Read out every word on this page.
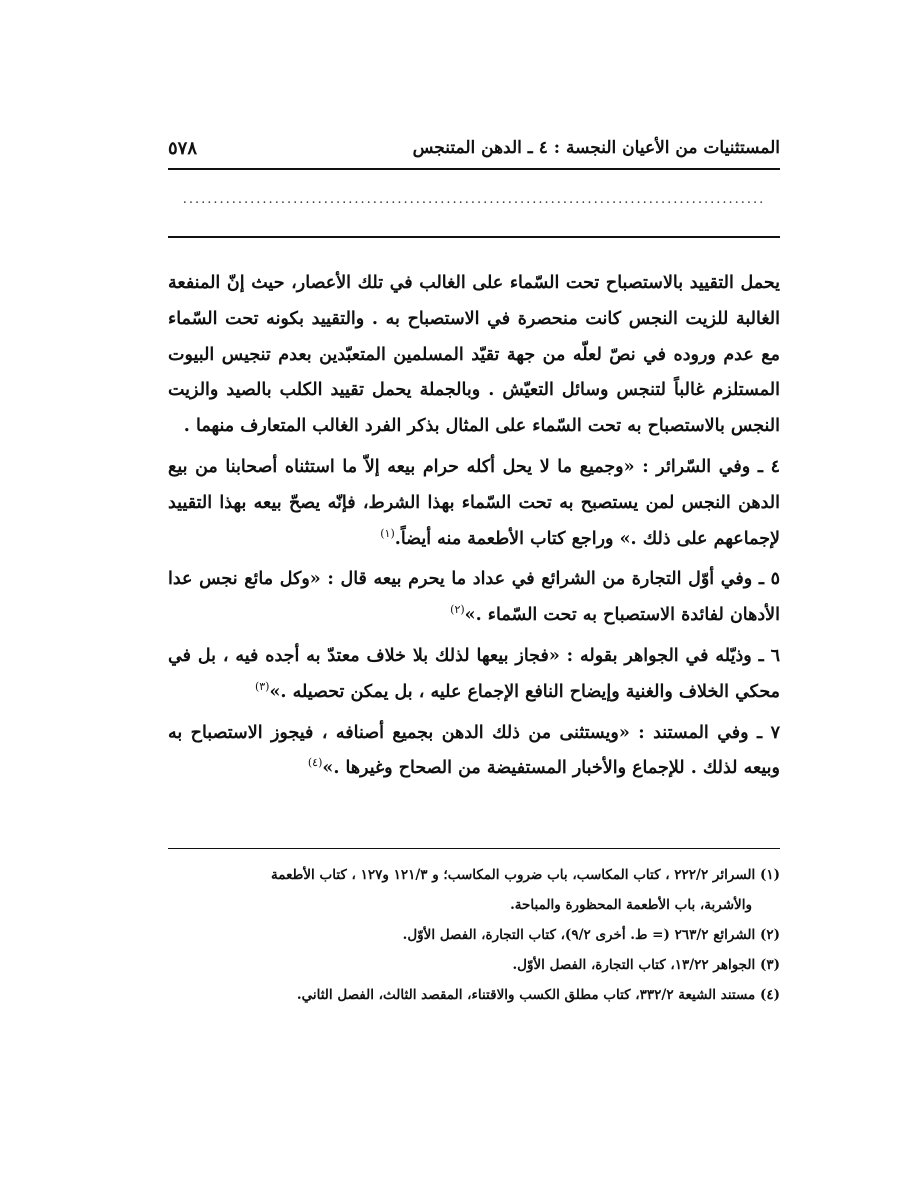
المستثنيات من الأعيان النجسة : ٤ ـ الدهن المتنجس
٥٧٨
...............................................................................................

يحمل التقييد بالاستصباح تحت السّماء على الغالب في تلك الأعصار، حيث إنّ المنفعة الغالبة للزيت النجس كانت منحصرة في الاستصباح به . والتقييد بكونه تحت السّماء مع عدم وروده في نصّ لعلّه من جهة تقيّد المسلمين المتعبّدين بعدم تنجيس البيوت المستلزم غالباً لتنجس وسائل التعيّش . وبالجملة يحمل تقييد الكلب بالصيد والزيت النجس بالاستصباح به تحت السّماء على المثال بذكر الفرد الغالب المتعارف منهما .

٤ ـ وفي السّرائر : «وجميع ما لا يحل أكله حرام بيعه إلاّ ما استثناه أصحابنا من بيع الدهن النجس لمن يستصبح به تحت السّماء بهذا الشرط، فإنّه يصحّ بيعه بهذا التقييد لإجماعهم على ذلك .» وراجع كتاب الأطعمة منه أيضاً.$^{(١)}$

٥ ـ وفي أوّل التجارة من الشرائع في عداد ما يحرم بيعه قال : «وكل مائع نجس عدا الأدهان لفائدة الاستصباح به تحت السّماء .»$^{(٢)}$

٦ ـ وذيّله في الجواهر بقوله : «فجاز بيعها لذلك بلا خلاف معتدّ به أجده فيه ، بل في محكي الخلاف والغنية وإيضاح النافع الإجماع عليه ، بل يمكن تحصيله .»$^{(٣)}$

٧ ـ وفي المستند : «ويستثنى من ذلك الدهن بجميع أصنافه ، فيجوز الاستصباح به وبيعه لذلك . للإجماع والأخبار المستفيضة من الصحاح وغيرها .»$^{(٤)}$

(١) السرائر ٢٢٢/٢ ، كتاب المكاسب، باب ضروب المكاسب؛ و ١٢١/٣ و١٢٧ ، كتاب الأطعمة

والأشربة، باب الأطعمة المحظورة والمباحة.

(٢) الشرائع ٢٦٣/٢ (= ط. أخرى ٩/٢)، كتاب التجارة، الفصل الأوّل.

(٣) الجواهر ١٣/٢٢، كتاب التجارة، الفصل الأوّل.

(٤) مستند الشيعة ٣٣٢/٢، كتاب مطلق الكسب والاقتناء، المقصد الثالث، الفصل الثاني.
